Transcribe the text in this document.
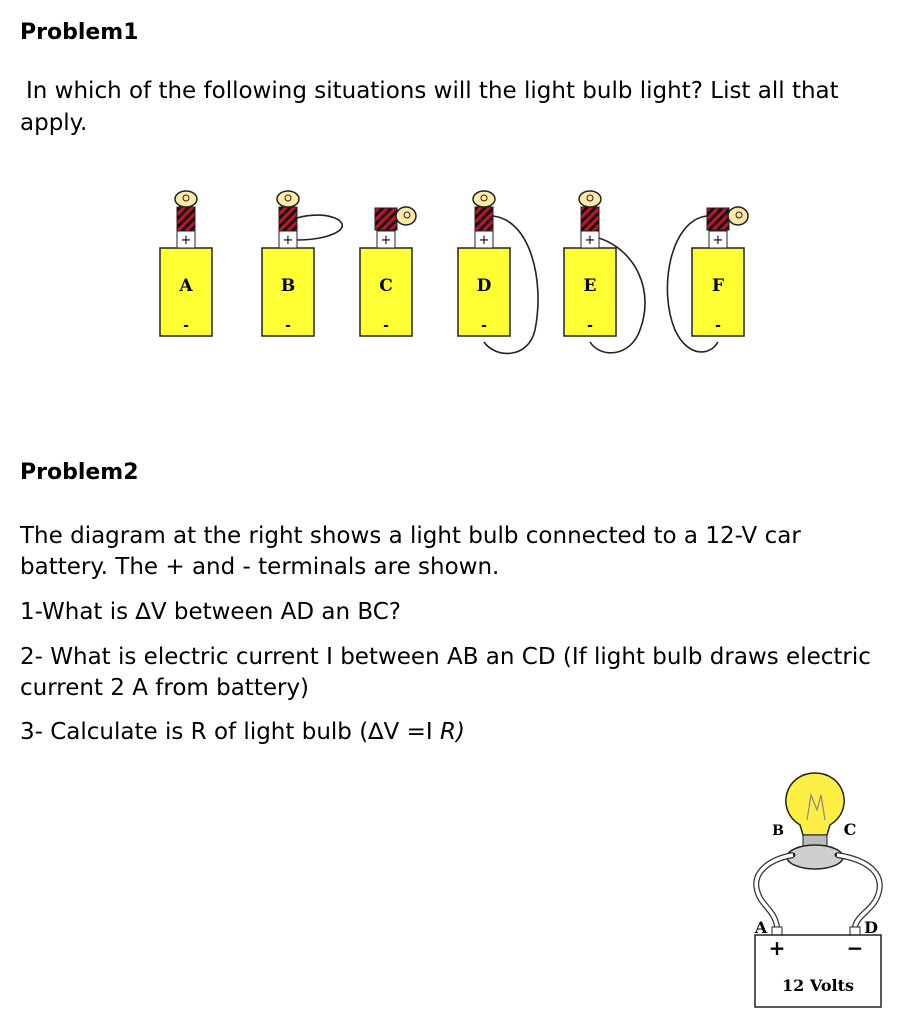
Problem1
In which of the following situations will the light bulb light? List all that
apply.
+
A
-
+
B
-
+
C
-
+
D
-
+
E
-
+
F
-
Problem2
The diagram at the right shows a light bulb connected to a 12-V car
battery. The + and - terminals are shown.
1-What is ∆V between AD an BC?
2- What is electric current I between AB an CD (If light bulb draws electric
current 2 A from battery)
3- Calculate is R of light bulb (∆V =I R)
B	C
A	D
+	−
12 Volts
